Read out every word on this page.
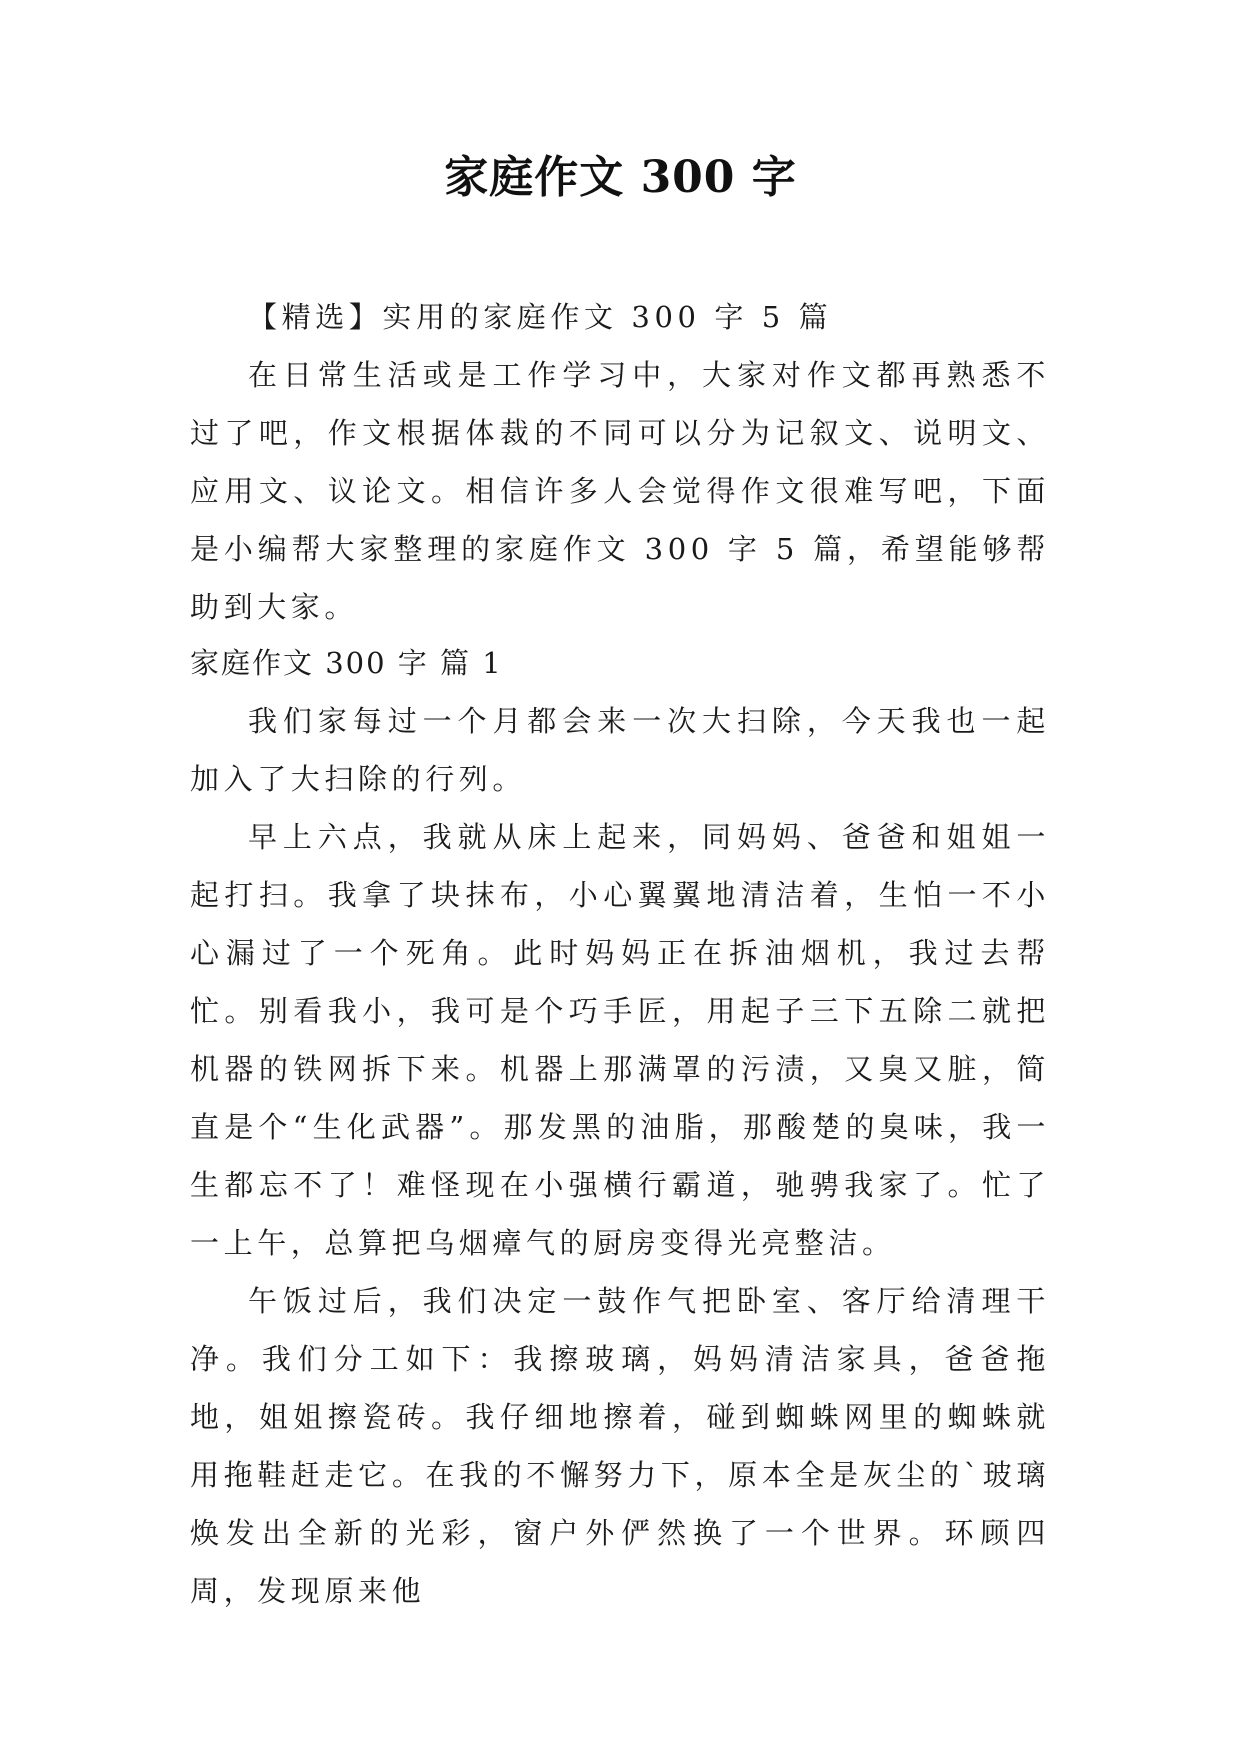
家庭作文 300 字

【精选】实用的家庭作文 300 字 5 篇

在日常生活或是工作学习中，大家对作文都再熟悉不过了吧，作文根据体裁的不同可以分为记叙文、说明文、应用文、议论文。相信许多人会觉得作文很难写吧，下面是小编帮大家整理的家庭作文 300 字 5 篇，希望能够帮助到大家。

家庭作文 300 字 篇 1

我们家每过一个月都会来一次大扫除，今天我也一起加入了大扫除的行列。

早上六点，我就从床上起来，同妈妈、爸爸和姐姐一起打扫。我拿了块抹布，小心翼翼地清洁着，生怕一不小心漏过了一个死角。此时妈妈正在拆油烟机，我过去帮忙。别看我小，我可是个巧手匠，用起子三下五除二就把机器的铁网拆下来。机器上那满罩的污渍，又臭又脏，简直是个“生化武器”。那发黑的油脂，那酸楚的臭味，我一生都忘不了！难怪现在小强横行霸道，驰骋我家了。忙了一上午，总算把乌烟瘴气的厨房变得光亮整洁。

午饭过后，我们决定一鼓作气把卧室、客厅给清理干净。我们分工如下：我擦玻璃，妈妈清洁家具，爸爸拖地，姐姐擦瓷砖。我仔细地擦着，碰到蜘蛛网里的蜘蛛就用拖鞋赶走它。在我的不懈努力下，原本全是灰尘的`玻璃焕发出全新的光彩，窗户外俨然换了一个世界。环顾四周，发现原来他
